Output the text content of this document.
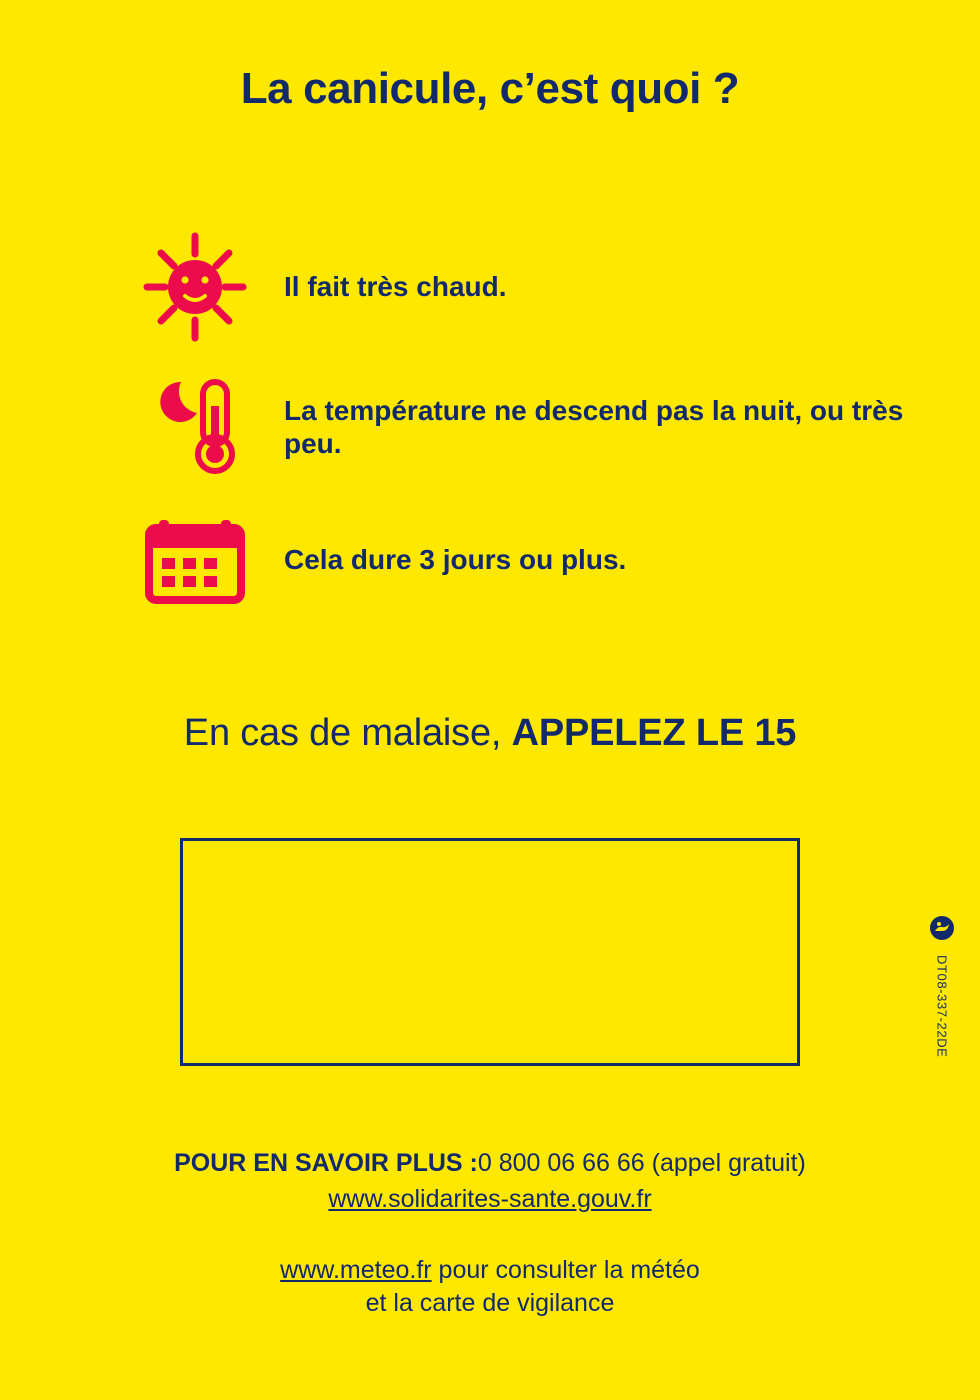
La canicule, c’est quoi ?
Il fait très chaud.
La température ne descend pas la nuit, ou très peu.
Cela dure 3 jours ou plus.
En cas de malaise, APPELEZ LE 15
DT08-337-22DE
POUR EN SAVOIR PLUS :0 800 06 66 66 (appel gratuit)
www.solidarites-sante.gouv.fr
www.meteo.fr pour consulter la météo
et la carte de vigilance
